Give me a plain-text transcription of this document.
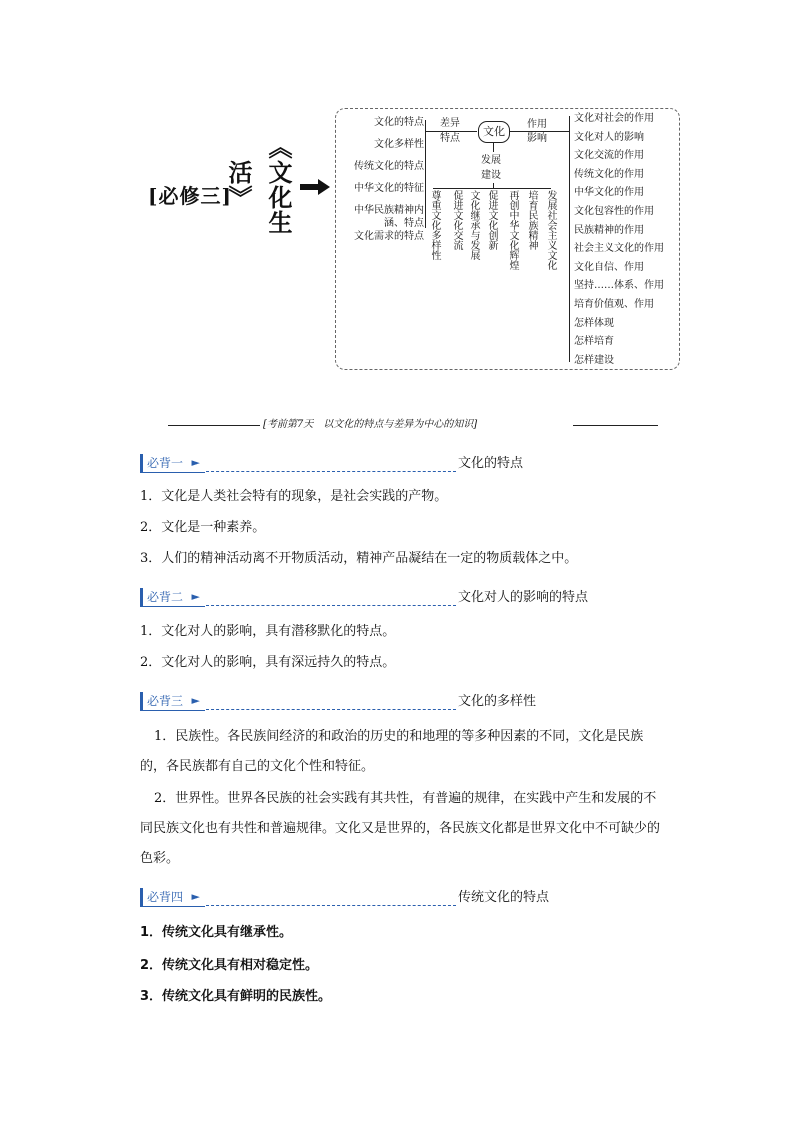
[必修三] 《文化生活》
文化的特点
文化多样性
传统文化的特点
中华文化的特征
中华民族精神内
涵、特点
文化需求的特点
差异
特点
文化
作用
影响
发展
建设
尊重文化多样性 促进文化交流 文化继承与发展 促进文化创新 再创中华文化辉煌 培育民族精神 发展社会主义文化
文化对社会的作用
文化对人的影响
文化交流的作用
传统文化的作用
中华文化的作用
文化包容性的作用
民族精神的作用
社会主义文化的作用
文化自信、作用
坚持……体系、作用
培育价值观、作用
怎样体现
怎样培育
怎样建设
[考前第7天　以文化的特点与差异为中心的知识]
必背一 ►	文化的特点
1．文化是人类社会特有的现象，是社会实践的产物。
2．文化是一种素养。
3．人们的精神活动离不开物质活动，精神产品凝结在一定的物质载体之中。
必背二 ►	文化对人的影响的特点
1．文化对人的影响，具有潜移默化的特点。
2．文化对人的影响，具有深远持久的特点。
必背三 ►	文化的多样性
1．民族性。各民族间经济的和政治的历史的和地理的等多种因素的不同，文化是民族的，各民族都有自己的文化个性和特征。
2．世界性。世界各民族的社会实践有其共性，有普遍的规律，在实践中产生和发展的不同民族文化也有共性和普遍规律。文化又是世界的，各民族文化都是世界文化中不可缺少的色彩。
必背四 ►	传统文化的特点
1．传统文化具有继承性。
2．传统文化具有相对稳定性。
3．传统文化具有鲜明的民族性。
